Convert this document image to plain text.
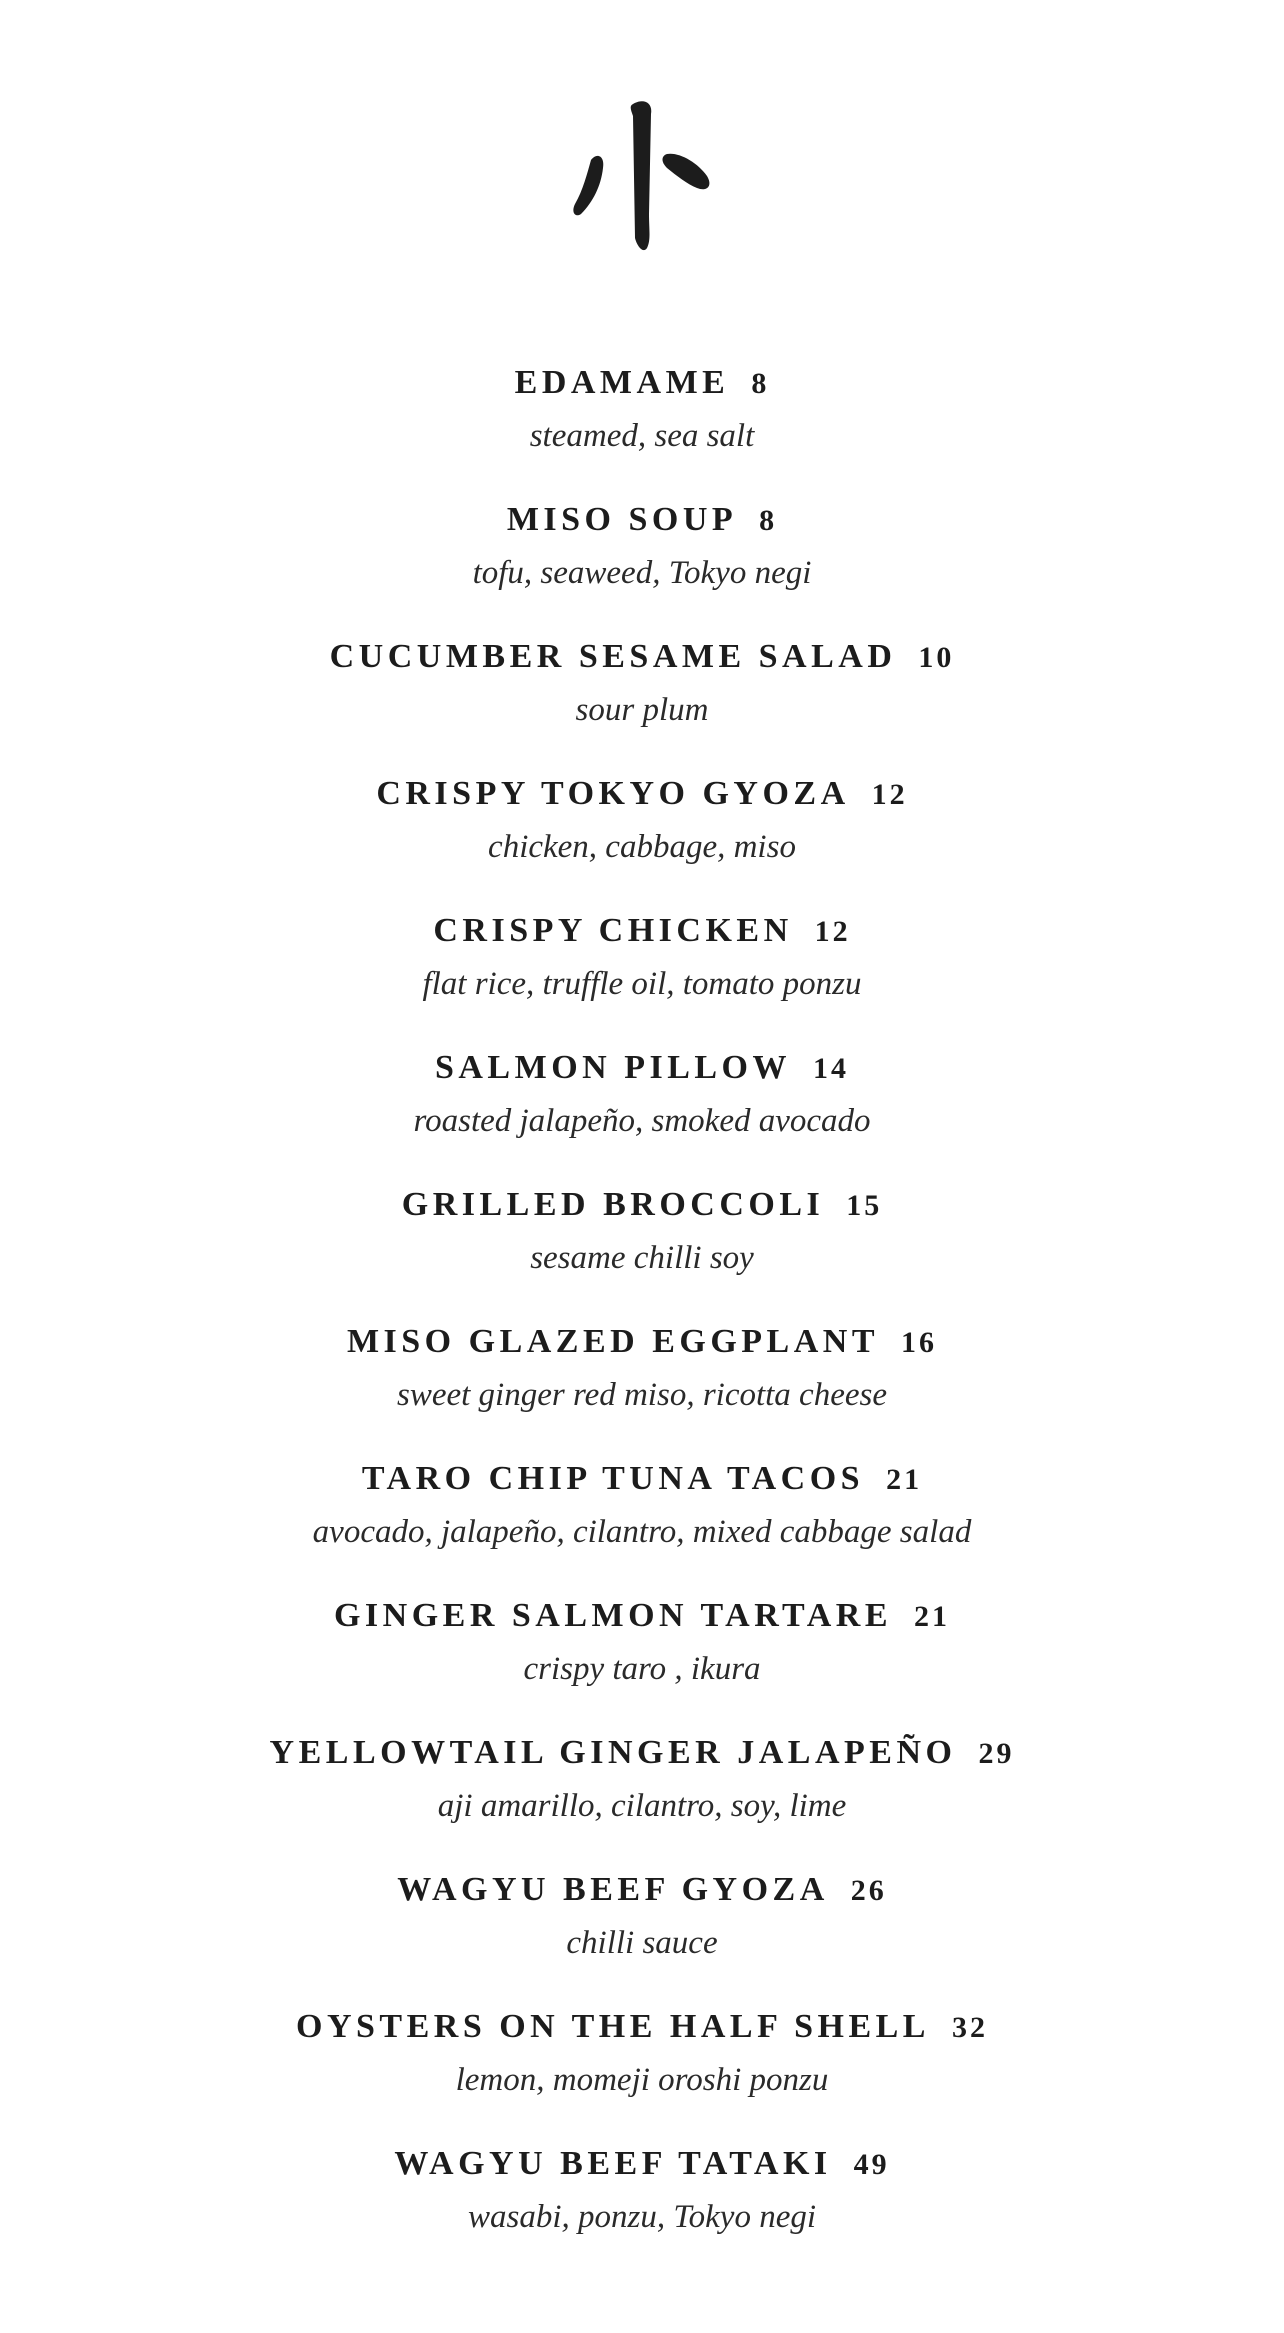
EDAMAME 8
steamed, sea salt
MISO SOUP 8
tofu, seaweed, Tokyo negi
CUCUMBER SESAME SALAD 10
sour plum
CRISPY TOKYO GYOZA 12
chicken, cabbage, miso
CRISPY CHICKEN 12
flat rice, truffle oil, tomato ponzu
SALMON PILLOW 14
roasted jalapeño, smoked avocado
GRILLED BROCCOLI 15
sesame chilli soy
MISO GLAZED EGGPLANT 16
sweet ginger red miso, ricotta cheese
TARO CHIP TUNA TACOS 21
avocado, jalapeño, cilantro, mixed cabbage salad
GINGER SALMON TARTARE 21
crispy taro , ikura
YELLOWTAIL GINGER JALAPEÑO 29
aji amarillo, cilantro, soy, lime
WAGYU BEEF GYOZA 26
chilli sauce
OYSTERS ON THE HALF SHELL 32
lemon, momeji oroshi ponzu
WAGYU BEEF TATAKI 49
wasabi, ponzu, Tokyo negi
